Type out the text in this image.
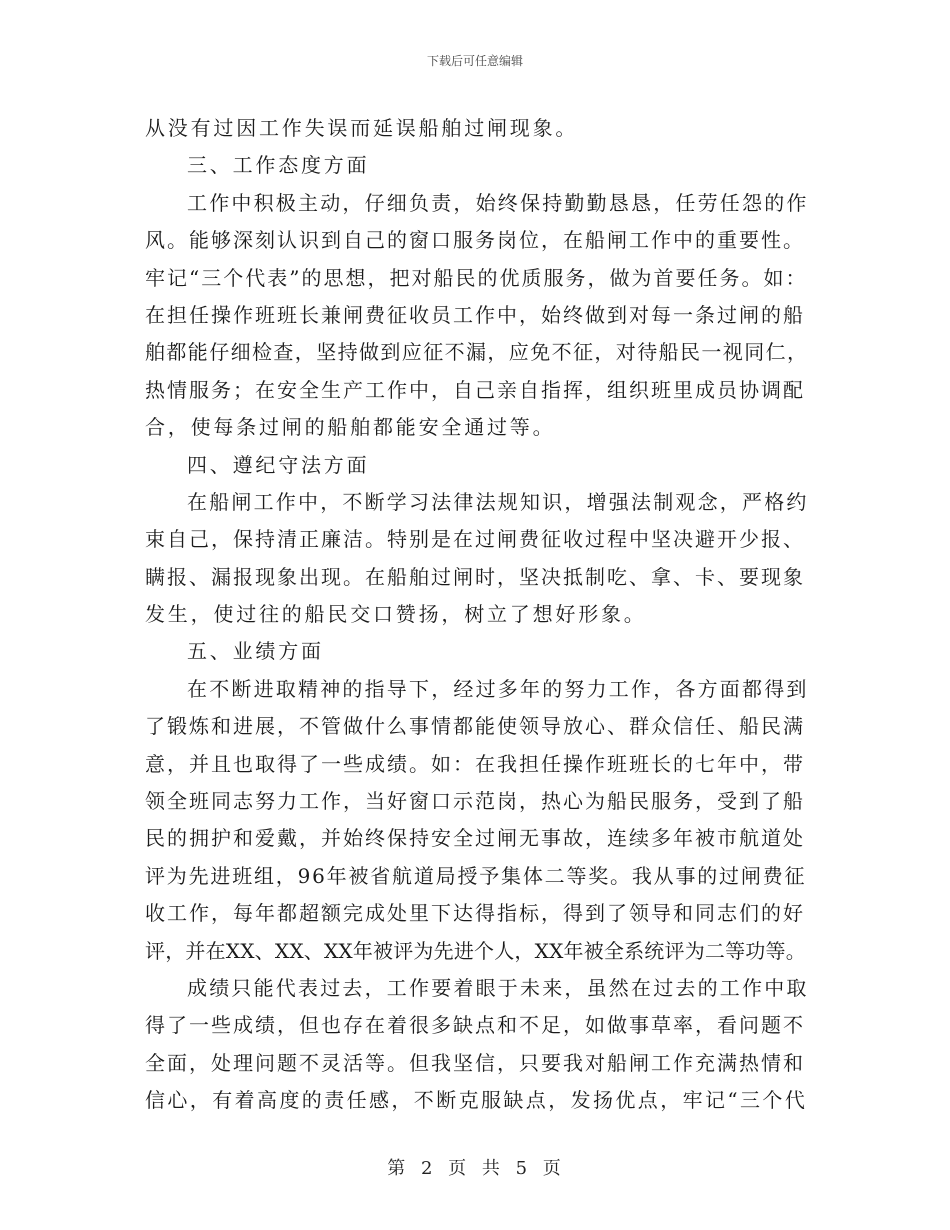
下载后可任意编辑
从没有过因工作失误而延误船舶过闸现象。
三、工作态度方面
工作中积极主动，仔细负责，始终保持勤勤恳恳，任劳任怨的作
风。能够深刻认识到自己的窗口服务岗位，在船闸工作中的重要性。
牢记“三个代表”的思想，把对船民的优质服务，做为首要任务。如：
在担任操作班班长兼闸费征收员工作中，始终做到对每一条过闸的船
舶都能仔细检查，坚持做到应征不漏，应免不征，对待船民一视同仁，
热情服务；在安全生产工作中，自己亲自指挥，组织班里成员协调配
合，使每条过闸的船舶都能安全通过等。
四、遵纪守法方面
在船闸工作中，不断学习法律法规知识，增强法制观念，严格约
束自己，保持清正廉洁。特别是在过闸费征收过程中坚决避开少报、
瞒报、漏报现象出现。在船舶过闸时，坚决抵制吃、拿、卡、要现象
发生，使过往的船民交口赞扬，树立了想好形象。
五、业绩方面
在不断进取精神的指导下，经过多年的努力工作，各方面都得到
了锻炼和进展，不管做什么事情都能使领导放心、群众信任、船民满
意，并且也取得了一些成绩。如：在我担任操作班班长的七年中，带
领全班同志努力工作，当好窗口示范岗，热心为船民服务，受到了船
民的拥护和爱戴，并始终保持安全过闸无事故，连续多年被市航道处
评为先进班组，96年被省航道局授予集体二等奖。我从事的过闸费征
收工作，每年都超额完成处里下达得指标，得到了领导和同志们的好
评，并在XX、XX、XX年被评为先进个人，XX年被全系统评为二等功等。
成绩只能代表过去，工作要着眼于未来，虽然在过去的工作中取
得了一些成绩，但也存在着很多缺点和不足，如做事草率，看问题不
全面，处理问题不灵活等。但我坚信，只要我对船闸工作充满热情和
信心，有着高度的责任感，不断克服缺点，发扬优点，牢记“三个代
第 2 页 共 5 页
